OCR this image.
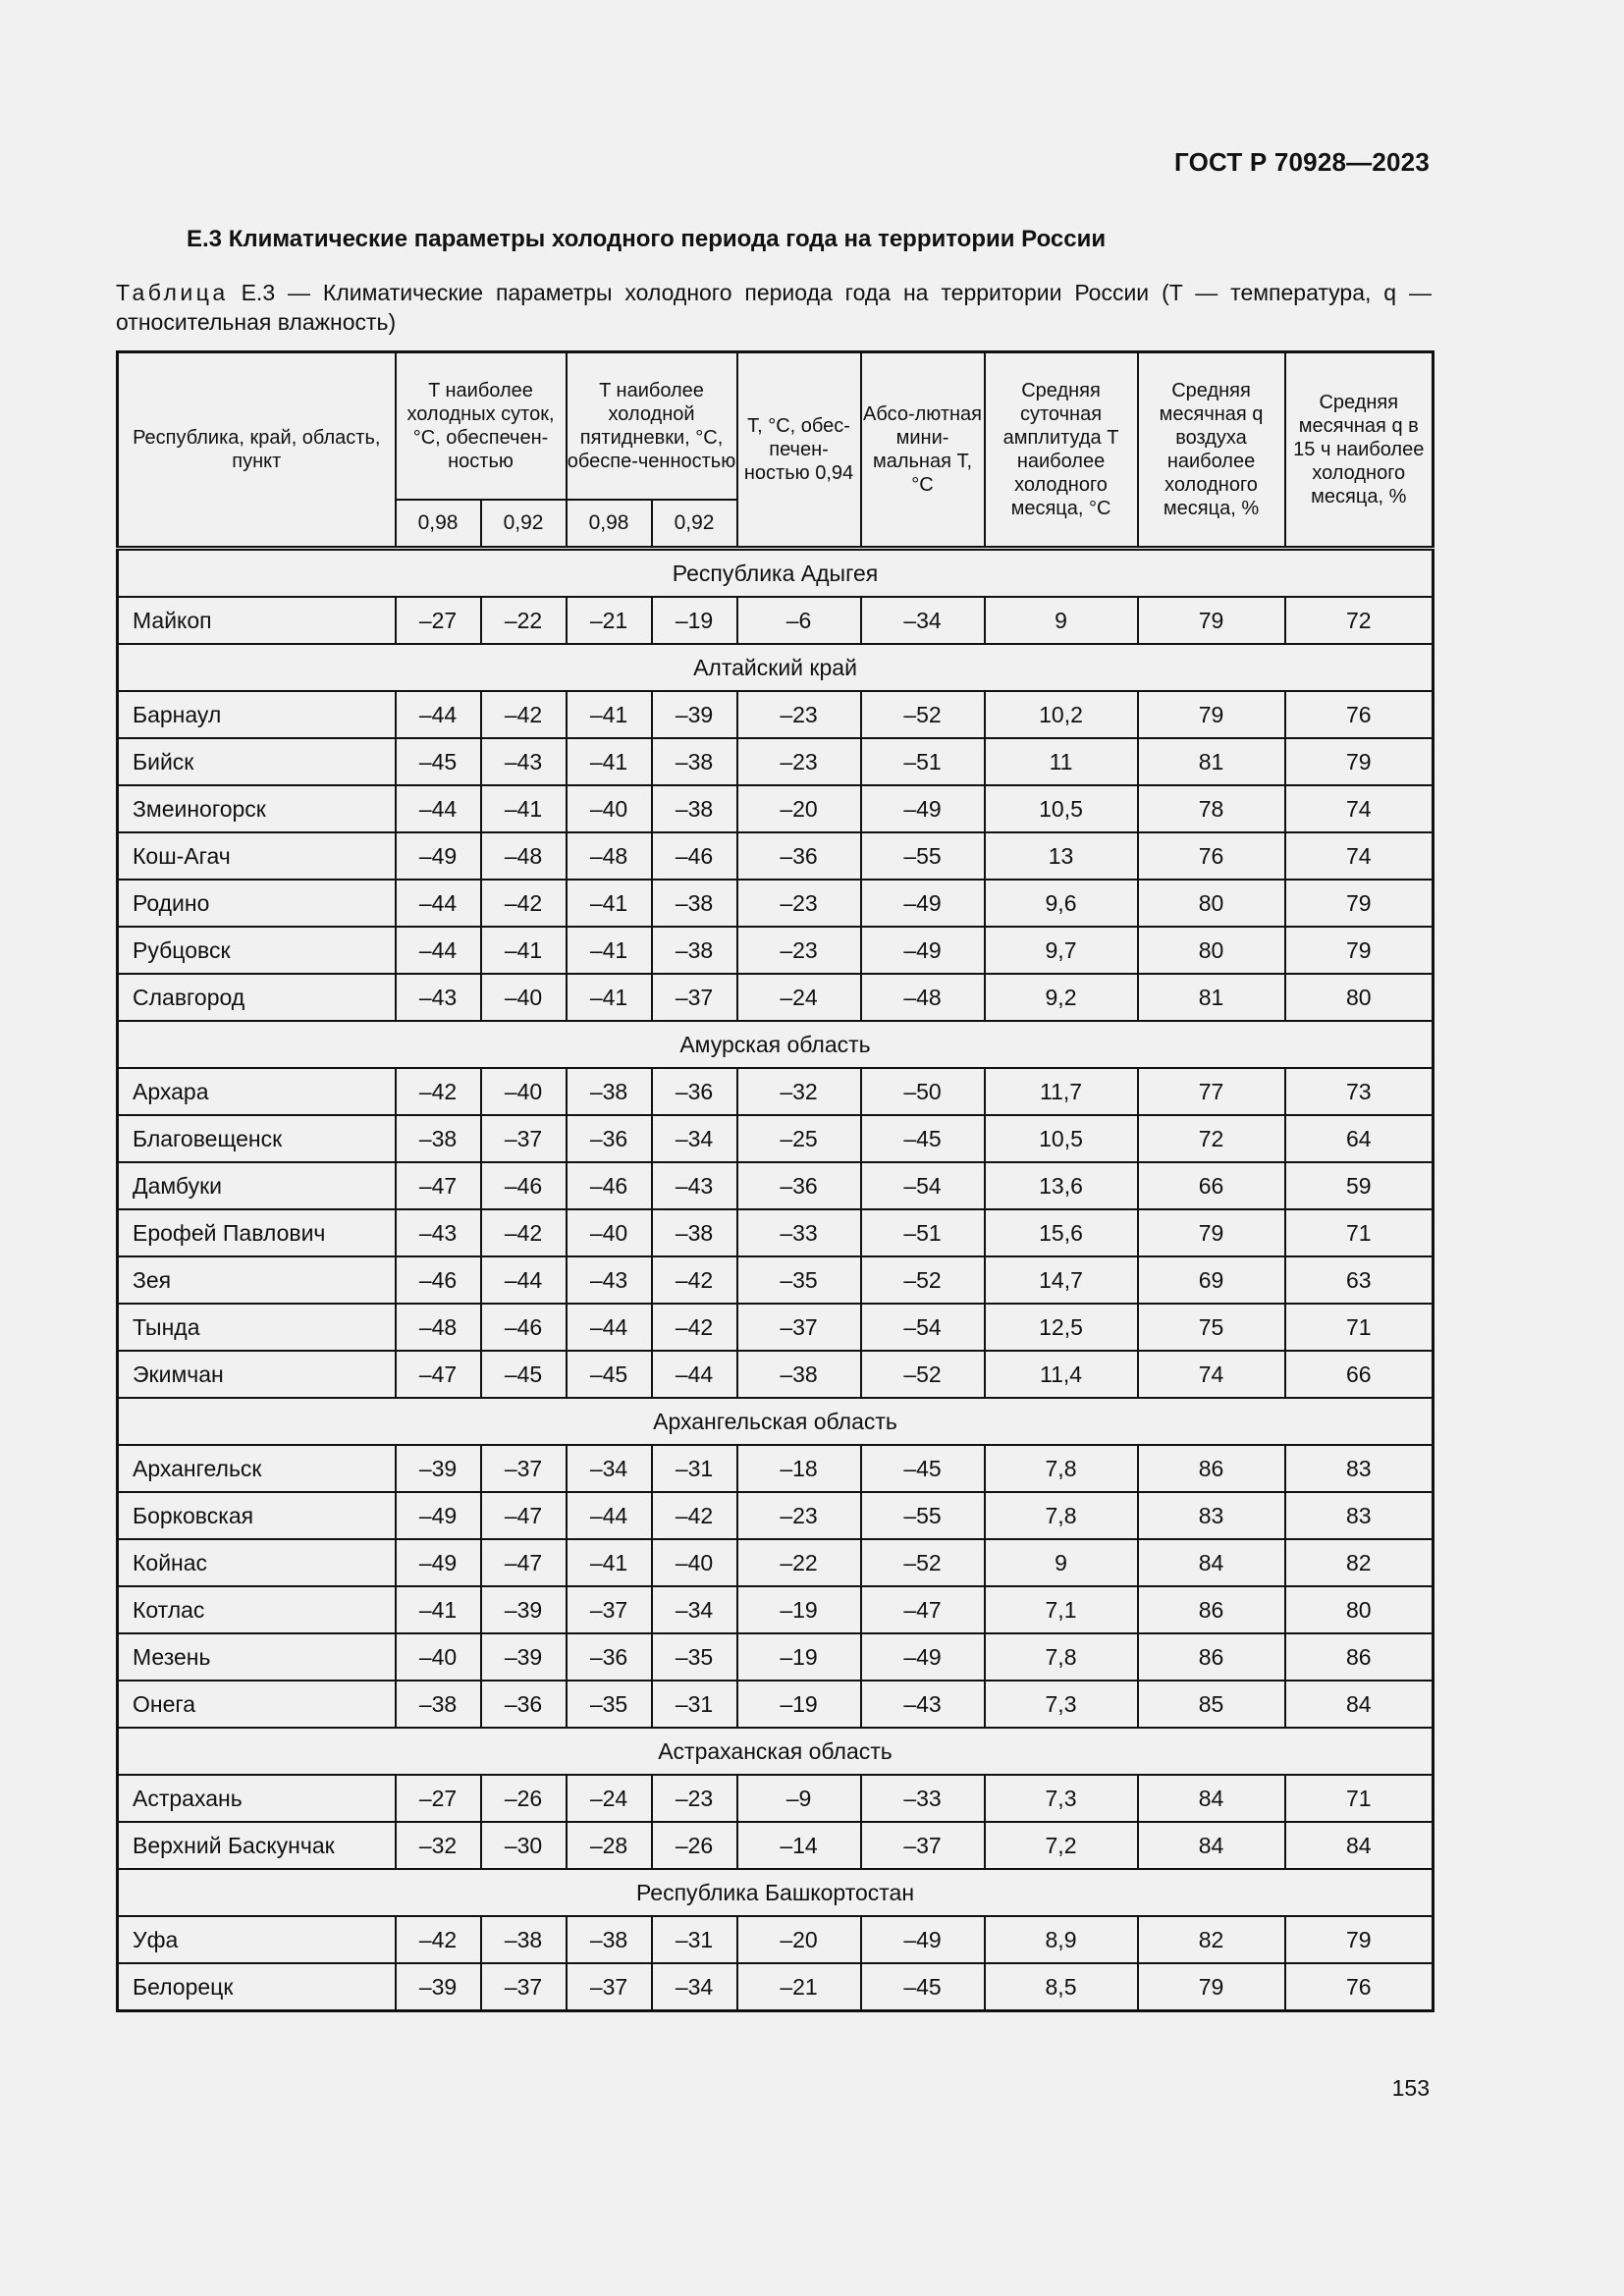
ГОСТ Р 70928—2023
Е.3 Климатические параметры холодного периода года на территории России
Таблица Е.3 — Климатические параметры холодного периода года на территории России (T — температура, q — относительная влажность)
Республика, край, область, пункт	T наиболее холодных суток, °С, обеспечен-ностью		T наиболее холодной пятидневки, °С, обеспе-ченностью		T, °С, обес-печен-ностью 0,94	Абсо-лютная мини-мальная T, °С	Средняя суточная амплитуда T наиболее холодного месяца, °С	Средняя месячная q воздуха наиболее холодного месяца, %	Средняя месячная q в 15 ч наиболее холодного месяца, %
	0,98	0,92	0,98	0,92					
Республика Адыгея									
Майкоп	–27	–22	–21	–19	–6	–34	9	79	72
Алтайский край									
Барнаул	–44	–42	–41	–39	–23	–52	10,2	79	76
Бийск	–45	–43	–41	–38	–23	–51	11	81	79
Змеиногорск	–44	–41	–40	–38	–20	–49	10,5	78	74
Кош-Агач	–49	–48	–48	–46	–36	–55	13	76	74
Родино	–44	–42	–41	–38	–23	–49	9,6	80	79
Рубцовск	–44	–41	–41	–38	–23	–49	9,7	80	79
Славгород	–43	–40	–41	–37	–24	–48	9,2	81	80
Амурская область									
Архара	–42	–40	–38	–36	–32	–50	11,7	77	73
Благовещенск	–38	–37	–36	–34	–25	–45	10,5	72	64
Дамбуки	–47	–46	–46	–43	–36	–54	13,6	66	59
Ерофей Павлович	–43	–42	–40	–38	–33	–51	15,6	79	71
Зея	–46	–44	–43	–42	–35	–52	14,7	69	63
Тында	–48	–46	–44	–42	–37	–54	12,5	75	71
Экимчан	–47	–45	–45	–44	–38	–52	11,4	74	66
Архангельская область									
Архангельск	–39	–37	–34	–31	–18	–45	7,8	86	83
Борковская	–49	–47	–44	–42	–23	–55	7,8	83	83
Койнас	–49	–47	–41	–40	–22	–52	9	84	82
Котлас	–41	–39	–37	–34	–19	–47	7,1	86	80
Мезень	–40	–39	–36	–35	–19	–49	7,8	86	86
Онега	–38	–36	–35	–31	–19	–43	7,3	85	84
Астраханская область									
Астрахань	–27	–26	–24	–23	–9	–33	7,3	84	71
Верхний Баскунчак	–32	–30	–28	–26	–14	–37	7,2	84	84
Республика Башкортостан									
Уфа	–42	–38	–38	–31	–20	–49	8,9	82	79
Белорецк	–39	–37	–37	–34	–21	–45	8,5	79	76
153
